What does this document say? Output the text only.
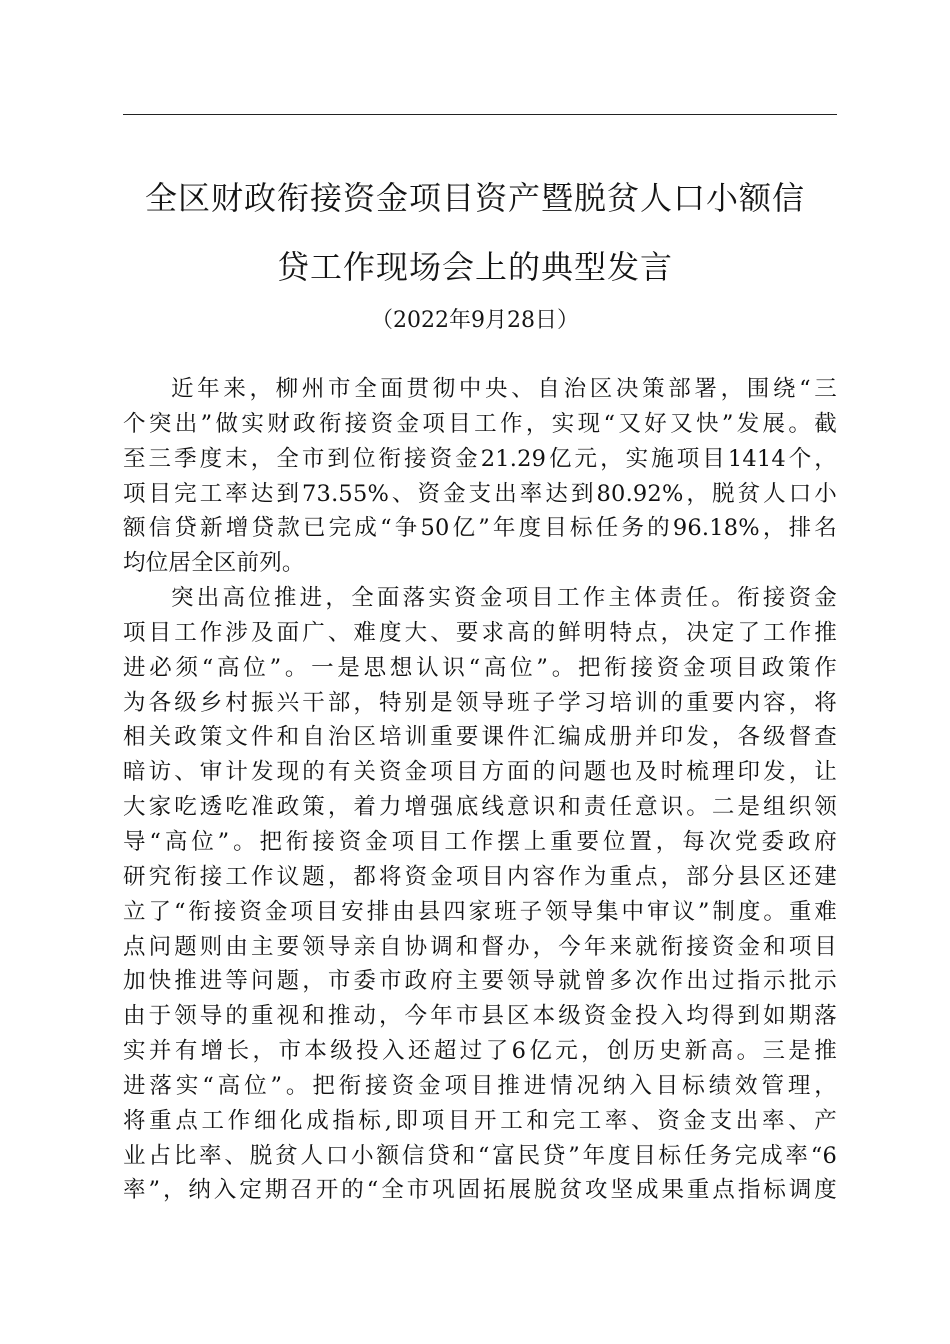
全区财政衔接资金项目资产暨脱贫人口小额信
贷工作现场会上的典型发言
（2022年9月28日）
近年来，柳州市全面贯彻中央、自治区决策部署，围绕“三
个突出”做实财政衔接资金项目工作，实现“又好又快”发展。截
至三季度末，全市到位衔接资金21.29亿元，实施项目1414个，
项目完工率达到73.55%、资金支出率达到80.92%，脱贫人口小
额信贷新增贷款已完成“争50亿”年度目标任务的96.18%，排名
均位居全区前列。
突出高位推进，全面落实资金项目工作主体责任。衔接资金
项目工作涉及面广、难度大、要求高的鲜明特点，决定了工作推
进必须“高位”。一是思想认识“高位”。把衔接资金项目政策作
为各级乡村振兴干部，特别是领导班子学习培训的重要内容，将
相关政策文件和自治区培训重要课件汇编成册并印发，各级督查
暗访、审计发现的有关资金项目方面的问题也及时梳理印发，让
大家吃透吃准政策，着力增强底线意识和责任意识。二是组织领
导“高位”。把衔接资金项目工作摆上重要位置，每次党委政府
研究衔接工作议题，都将资金项目内容作为重点，部分县区还建
立了“衔接资金项目安排由县四家班子领导集中审议”制度。重难
点问题则由主要领导亲自协调和督办，今年来就衔接资金和项目
加快推进等问题，市委市政府主要领导就曾多次作出过指示批示
由于领导的重视和推动，今年市县区本级资金投入均得到如期落
实并有增长，市本级投入还超过了6亿元，创历史新高。三是推
进落实“高位”。把衔接资金项目推进情况纳入目标绩效管理，
将重点工作细化成指标,即项目开工和完工率、资金支出率、产
业占比率、脱贫人口小额信贷和“富民贷”年度目标任务完成率“6
率”，纳入定期召开的“全市巩固拓展脱贫攻坚成果重点指标调度
